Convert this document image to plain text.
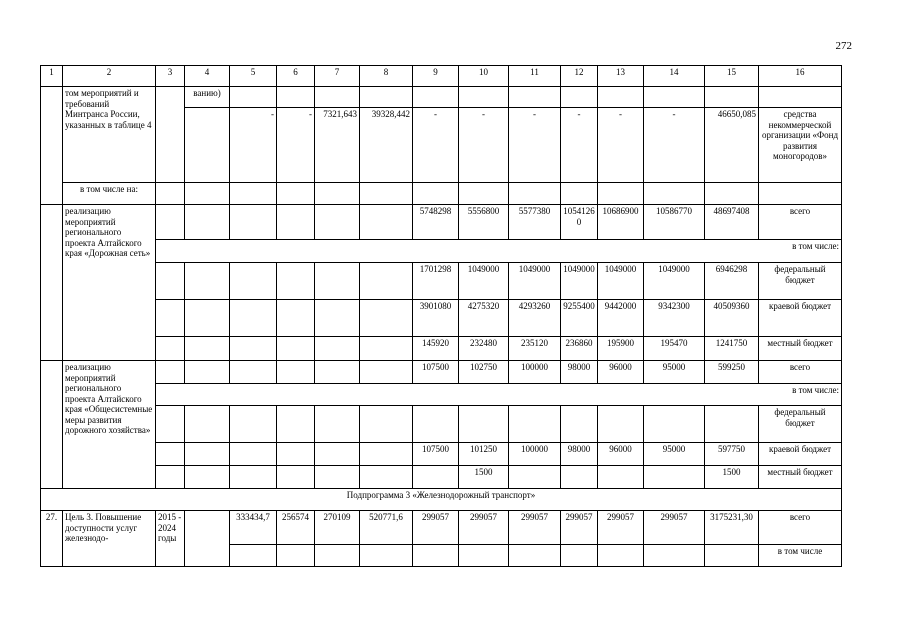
272
1	2	3	4	5	6	7	8	9	10	11	12	13	14	15	16
	том мероприятий и требований Минтранса России, указанных в таблице 4		ванию)												
				-	-	7321,643	39328,442	-	-	-	-	-	-	46650,085	средства некоммерческой организации «Фонд развития моногородов»
	в том числе на:														
	реализацию мероприятий регионального проекта Алтайского края «Дорожная сеть»							5748298	5556800	5577380	10541260	10686900	10586770	48697408	всего
		в том числе:													
								1701298	1049000	1049000	1049000	1049000	1049000	6946298	федеральный бюджет
								3901080	4275320	4293260	9255400	9442000	9342300	40509360	краевой бюджет
								145920	232480	235120	236860	195900	195470	1241750	местный бюджет
	реализацию мероприятий регионального проекта Алтайского края «Общесистемные меры развития дорожного хозяйства»							107500	102750	100000	98000	96000	95000	599250	всего
		в том числе:													
															федеральный бюджет
								107500	101250	100000	98000	96000	95000	597750	краевой бюджет
									1500					1500	местный бюджет
Подпрограмма 3 «Железнодорожный транспорт»															
27.	Цель 3. Повышение доступности услуг железнодо-	2015 - 2024 годы		333434,7	256574	270109	520771,6	299057	299057	299057	299057	299057	299057	3175231,30	всего
															в том числе
